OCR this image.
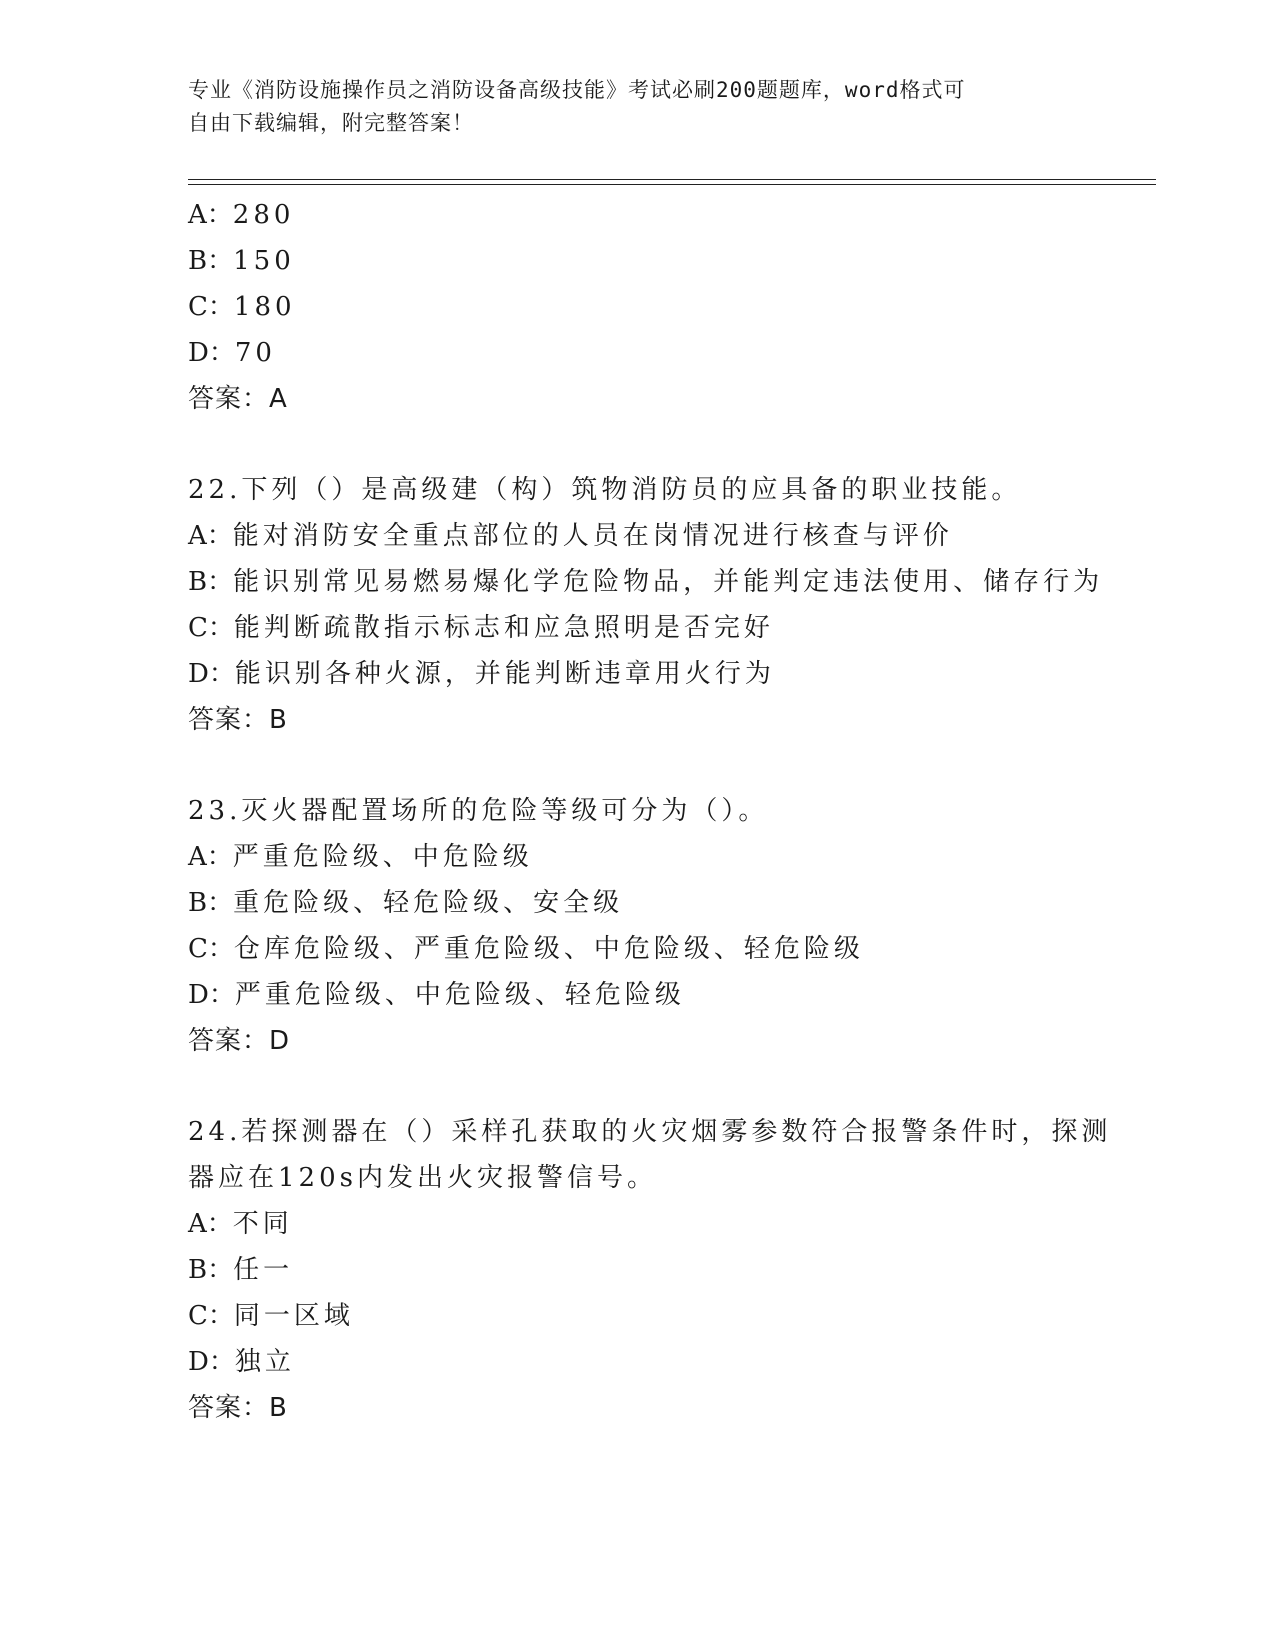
专业《消防设施操作员之消防设备高级技能》考试必刷200题题库，word格式可
自由下载编辑，附完整答案！
A：280
B：150
C：180
D：70
答案：A
22.下列（）是高级建（构）筑物消防员的应具备的职业技能。
A：能对消防安全重点部位的人员在岗情况进行核查与评价
B：能识别常见易燃易爆化学危险物品，并能判定违法使用、储存行为
C：能判断疏散指示标志和应急照明是否完好
D：能识别各种火源，并能判断违章用火行为
答案：B
23.灭火器配置场所的危险等级可分为（）。
A：严重危险级、中危险级
B：重危险级、轻危险级、安全级
C：仓库危险级、严重危险级、中危险级、轻危险级
D：严重危险级、中危险级、轻危险级
答案：D
24.若探测器在（）采样孔获取的火灾烟雾参数符合报警条件时，探测
器应在120s内发出火灾报警信号。
A：不同
B：任一
C：同一区域
D：独立
答案：B
